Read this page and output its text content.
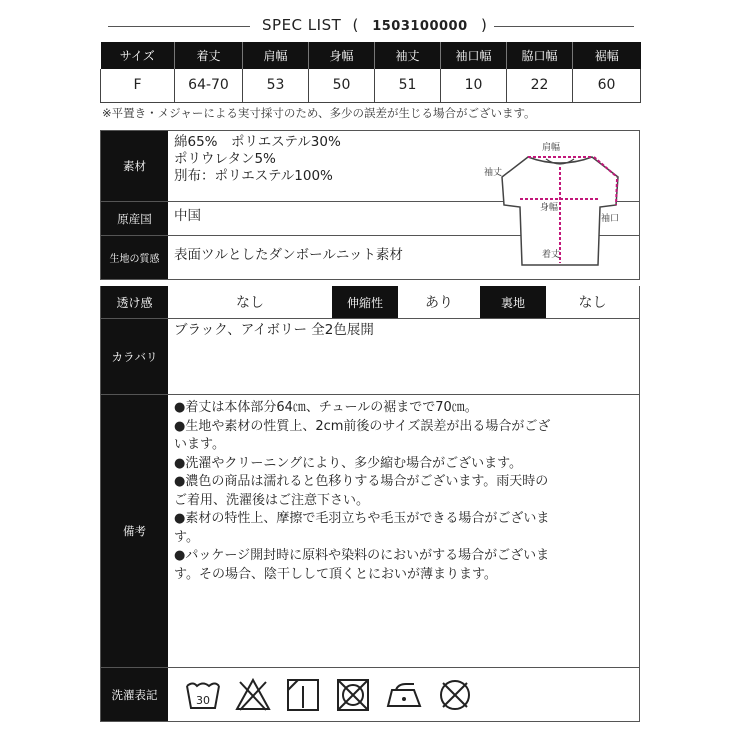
SPEC LIST ( 1503100000 )
サイズ	着丈	肩幅	身幅	袖丈	袖口幅	脇口幅	裾幅
F	64-70	53	50	51	10	22	60
※平置き・メジャーによる実寸採寸のため、多少の誤差が生じる場合がございます。
素材
綿65%　ポリエステル30%
ポリウレタン5%
別布：ポリエステル100%
原産国	中国
生地の質感	表面ツルとしたダンボールニット素材
肩幅
袖丈
身幅
袖口
着丈
透け感	なし	伸縮性	あり	裏地	なし
カラバリ
ブラック、アイボリー 全2色展開
備考
●着丈は本体部分64㎝、チュールの裾までで70㎝。
●生地や素材の性質上、2cm前後のサイズ誤差が出る場合がござ
います。
●洗濯やクリーニングにより、多少縮む場合がございます。
●濃色の商品は濡れると色移りする場合がございます。雨天時の
ご着用、洗濯後はご注意下さい。
●素材の特性上、摩擦で毛羽立ちや毛玉ができる場合がございま
す。
●パッケージ開封時に原料や染料のにおいがする場合がございま
す。その場合、陰干しして頂くとにおいが薄まります。
洗濯表記	30
